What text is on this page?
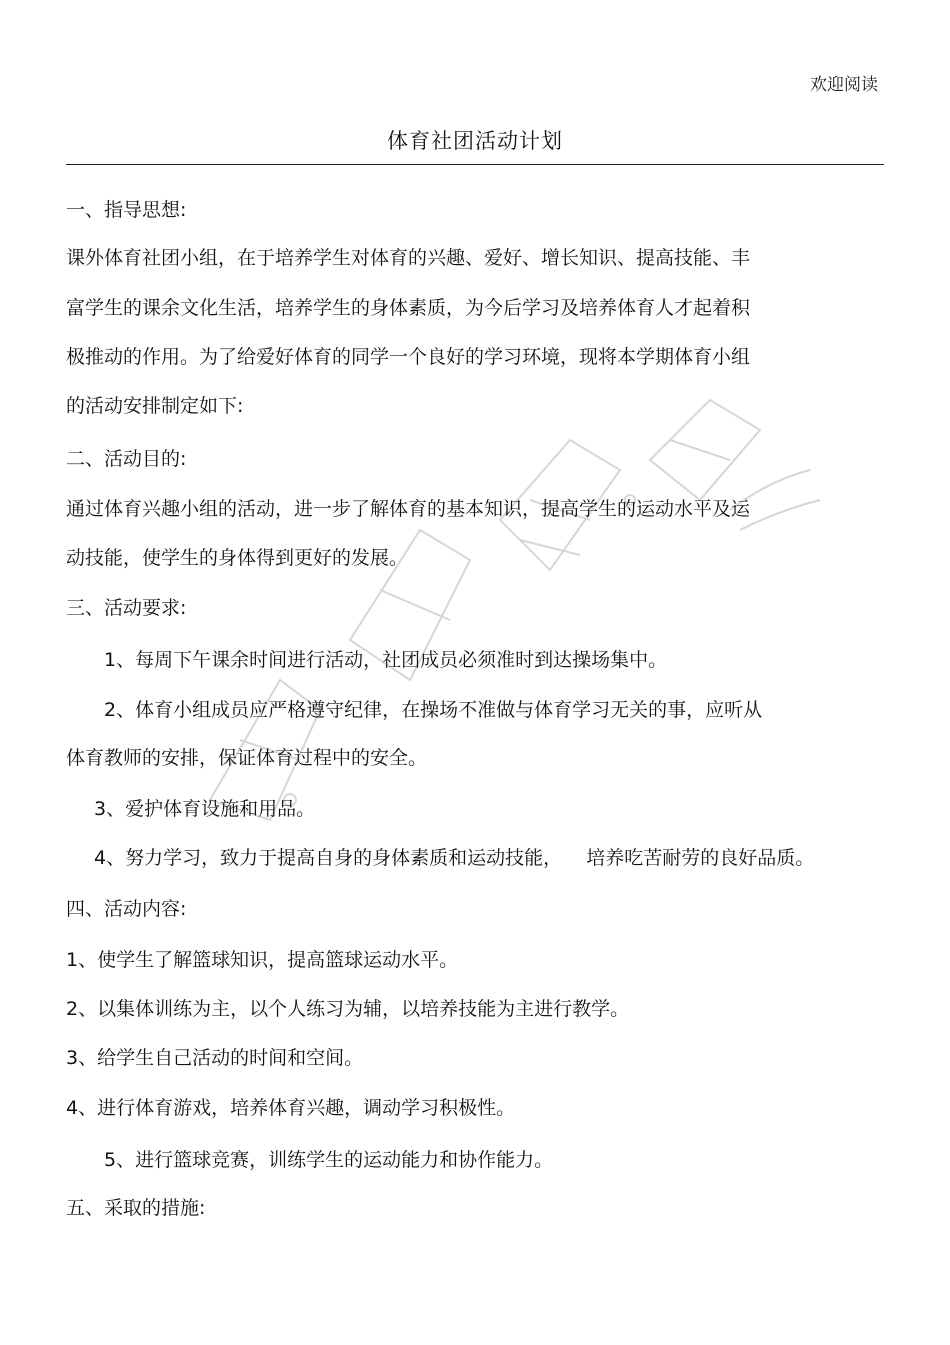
欢迎阅读
体育社团活动计划
一、指导思想:
课外体育社团小组，在于培养学生对体育的兴趣、爱好、增长知识、提高技能、丰
富学生的课余文化生活，培养学生的身体素质，为今后学习及培养体育人才起着积
极推动的作用。为了给爱好体育的同学一个良好的学习环境，现将本学期体育小组
的活动安排制定如下:
二、活动目的:
通过体育兴趣小组的活动，进一步了解体育的基本知识，提高学生的运动水平及运
动技能，使学生的身体得到更好的发展。
三、活动要求:
1、每周下午课余时间进行活动，社团成员必须准时到达操场集中。
2、体育小组成员应严格遵守纪律，在操场不准做与体育学习无关的事，应听从
体育教师的安排，保证体育过程中的安全。
3、爱护体育设施和用品。
4、努力学习，致力于提高自身的身体素质和运动技能，    培养吃苦耐劳的良好品质。
四、活动内容:
1、使学生了解篮球知识，提高篮球运动水平。
2、以集体训练为主，以个人练习为辅，以培养技能为主进行教学。
3、给学生自己活动的时间和空间。
4、进行体育游戏，培养体育兴趣，调动学习积极性。
5、进行篮球竞赛，训练学生的运动能力和协作能力。
五、采取的措施:
